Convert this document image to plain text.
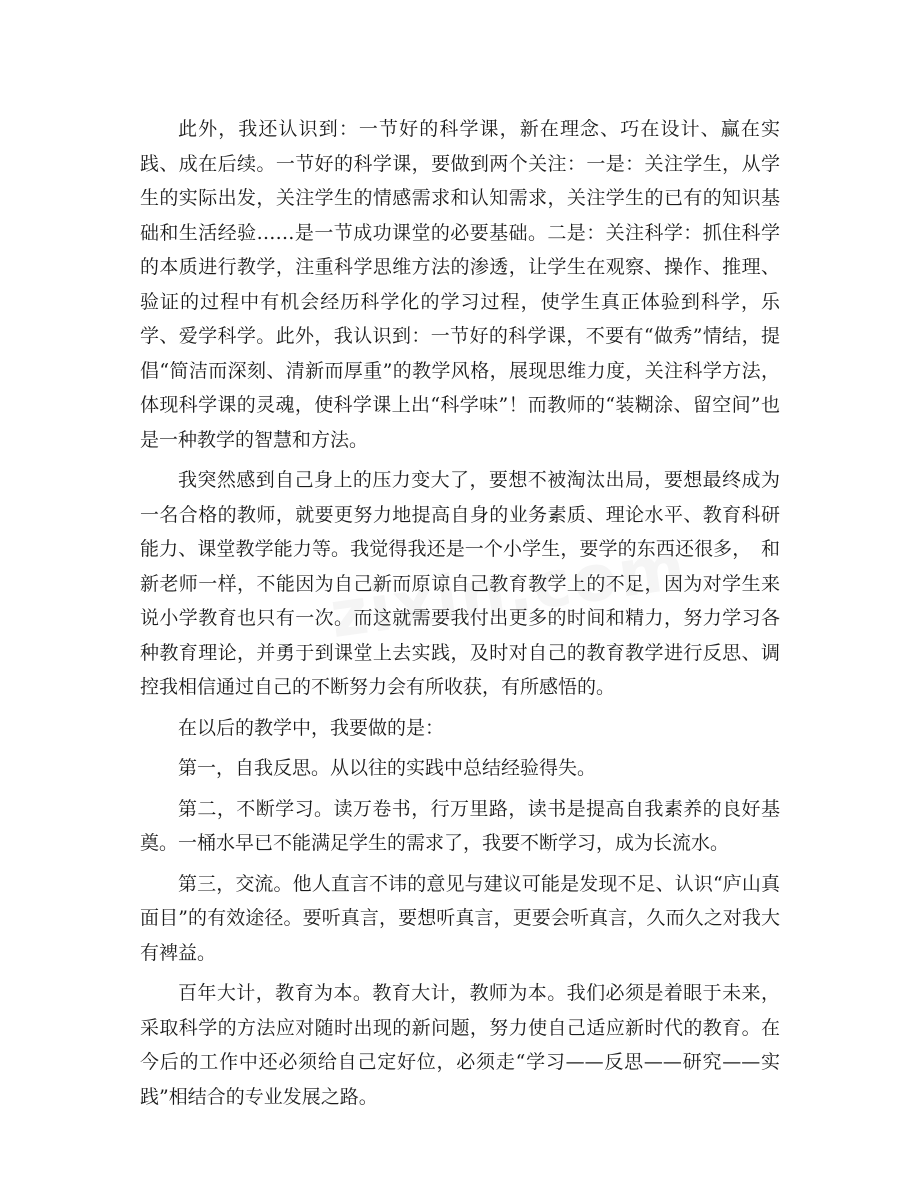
此外，我还认识到：一节好的科学课，新在理念、巧在设计、赢在实践、成在后续。一节好的科学课，要做到两个关注：一是：关注学生，从学生的实际出发，关注学生的情感需求和认知需求，关注学生的已有的知识基础和生活经验……是一节成功课堂的必要基础。二是：关注科学：抓住科学的本质进行教学，注重科学思维方法的渗透，让学生在观察、操作、推理、验证的过程中有机会经历科学化的学习过程，使学生真正体验到科学，乐学、爱学科学。此外，我认识到：一节好的科学课，不要有“做秀”情结，提倡“简洁而深刻、清新而厚重”的教学风格，展现思维力度，关注科学方法，体现科学课的灵魂，使科学课上出“科学味”！而教师的“装糊涂、留空间”也是一种教学的智慧和方法。

我突然感到自己身上的压力变大了，要想不被淘汰出局，要想最终成为一名合格的教师，就要更努力地提高自身的业务素质、理论水平、教育科研能力、课堂教学能力等。我觉得我还是一个小学生，要学的东西还很多，　和新老师一样，不能因为自己新而原谅自己教育教学上的不足，因为对学生来说小学教育也只有一次。而这就需要我付出更多的时间和精力，努力学习各种教育理论，并勇于到课堂上去实践，及时对自己的教育教学进行反思、调控我相信通过自己的不断努力会有所收获，有所感悟的。

在以后的教学中，我要做的是：

第一，自我反思。从以往的实践中总结经验得失。

第二，不断学习。读万卷书，行万里路，读书是提高自我素养的良好基奠。一桶水早已不能满足学生的需求了，我要不断学习，成为长流水。

第三，交流。他人直言不讳的意见与建议可能是发现不足、认识“庐山真面目”的有效途径。要听真言，要想听真言，更要会听真言，久而久之对我大有裨益。

百年大计，教育为本。教育大计，教师为本。我们必须是着眼于未来，采取科学的方法应对随时出现的新问题，努力使自己适应新时代的教育。在今后的工作中还必须给自己定好位，必须走“学习——反思——研究——实践”相结合的专业发展之路。
